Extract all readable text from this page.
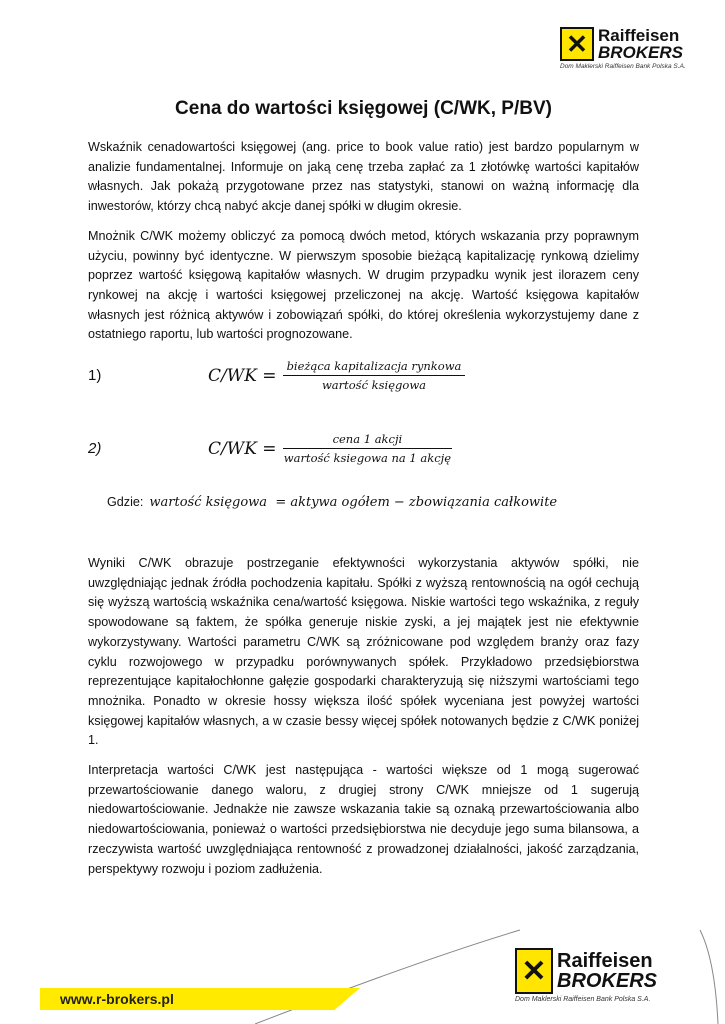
✕ Raiffeisen
BROKERS
Dom Maklerski Raiffeisen Bank Polska S.A.
Cena do wartości księgowej (C/WK, P/BV)

Wskaźnik cenadowartości księgowej (ang. price to book value ratio) jest bardzo popularnym w analizie fundamentalnej. Informuje on jaką cenę trzeba zapłać za 1 złotówkę wartości kapitałów własnych. Jak pokażą przygotowane przez nas statystyki, stanowi on ważną informację dla inwestorów, którzy chcą nabyć akcje danej spółki w długim okresie.

Mnożnik C/WK możemy obliczyć za pomocą dwóch metod, których wskazania przy poprawnym użyciu, powinny być identyczne. W pierwszym sposobie bieżącą kapitalizację rynkową dzielimy poprzez wartość księgową kapitałów własnych. W drugim przypadku wynik jest ilorazem ceny rynkowej na akcję i wartości księgowej przeliczonej na akcję. Wartość księgowa kapitałów własnych jest różnicą aktywów i zobowiązań spółki, do której określenia wykorzystujemy dane z ostatniego raportu, lub wartości prognozowane.

1)	$C/WK = \frac{\text{bieżąca kapitalizacja rynkowa}}{\text{wartość księgowa}}$
2)	$C/WK = \frac{\text{cena 1 akcji}}{\text{wartość ksiegowa na 1 akcję}}$
Gdzie: wartość księgowa  = aktywa ogółem − zbowiązania całkowite

Wyniki C/WK obrazuje postrzeganie efektywności wykorzystania aktywów spółki, nie uwzględniając jednak źródła pochodzenia kapitału. Spółki z wyższą rentownością na ogół cechują się wyższą wartością wskaźnika cena/wartość księgowa. Niskie wartości tego wskaźnika, z reguły spowodowane są faktem, że spółka generuje niskie zyski, a jej majątek jest nie efektywnie wykorzystywany. Wartości parametru C/WK są zróżnicowane pod względem branży oraz fazy cyklu rozwojowego w przypadku porównywanych spółek. Przykładowo przedsiębiorstwa reprezentujące kapitałochłonne gałęzie gospodarki charakteryzują się niższymi wartościami tego mnożnika. Ponadto w okresie hossy większa ilość spółek wyceniana jest powyżej wartości księgowej kapitałów własnych, a w czasie bessy więcej spółek notowanych będzie z C/WK poniżej 1.

Interpretacja wartości C/WK jest następująca - wartości większe od 1 mogą sugerować przewartościowanie danego waloru, z drugiej strony C/WK mniejsze od 1 sugerują niedowartościowanie. Jednakże nie zawsze wskazania takie są oznaką przewartościowania albo niedowartościowania, ponieważ o wartości przedsiębiorstwa nie decyduje jego suma bilansowa, a rzeczywista wartość uwzględniająca rentowność z prowadzonej działalności, jakość zarządzania, perspektywy rozwoju i poziom zadłużenia.

www.r-brokers.pl
✕ Raiffeisen
BROKERS
Dom Maklerski Raiffeisen Bank Polska S.A.
